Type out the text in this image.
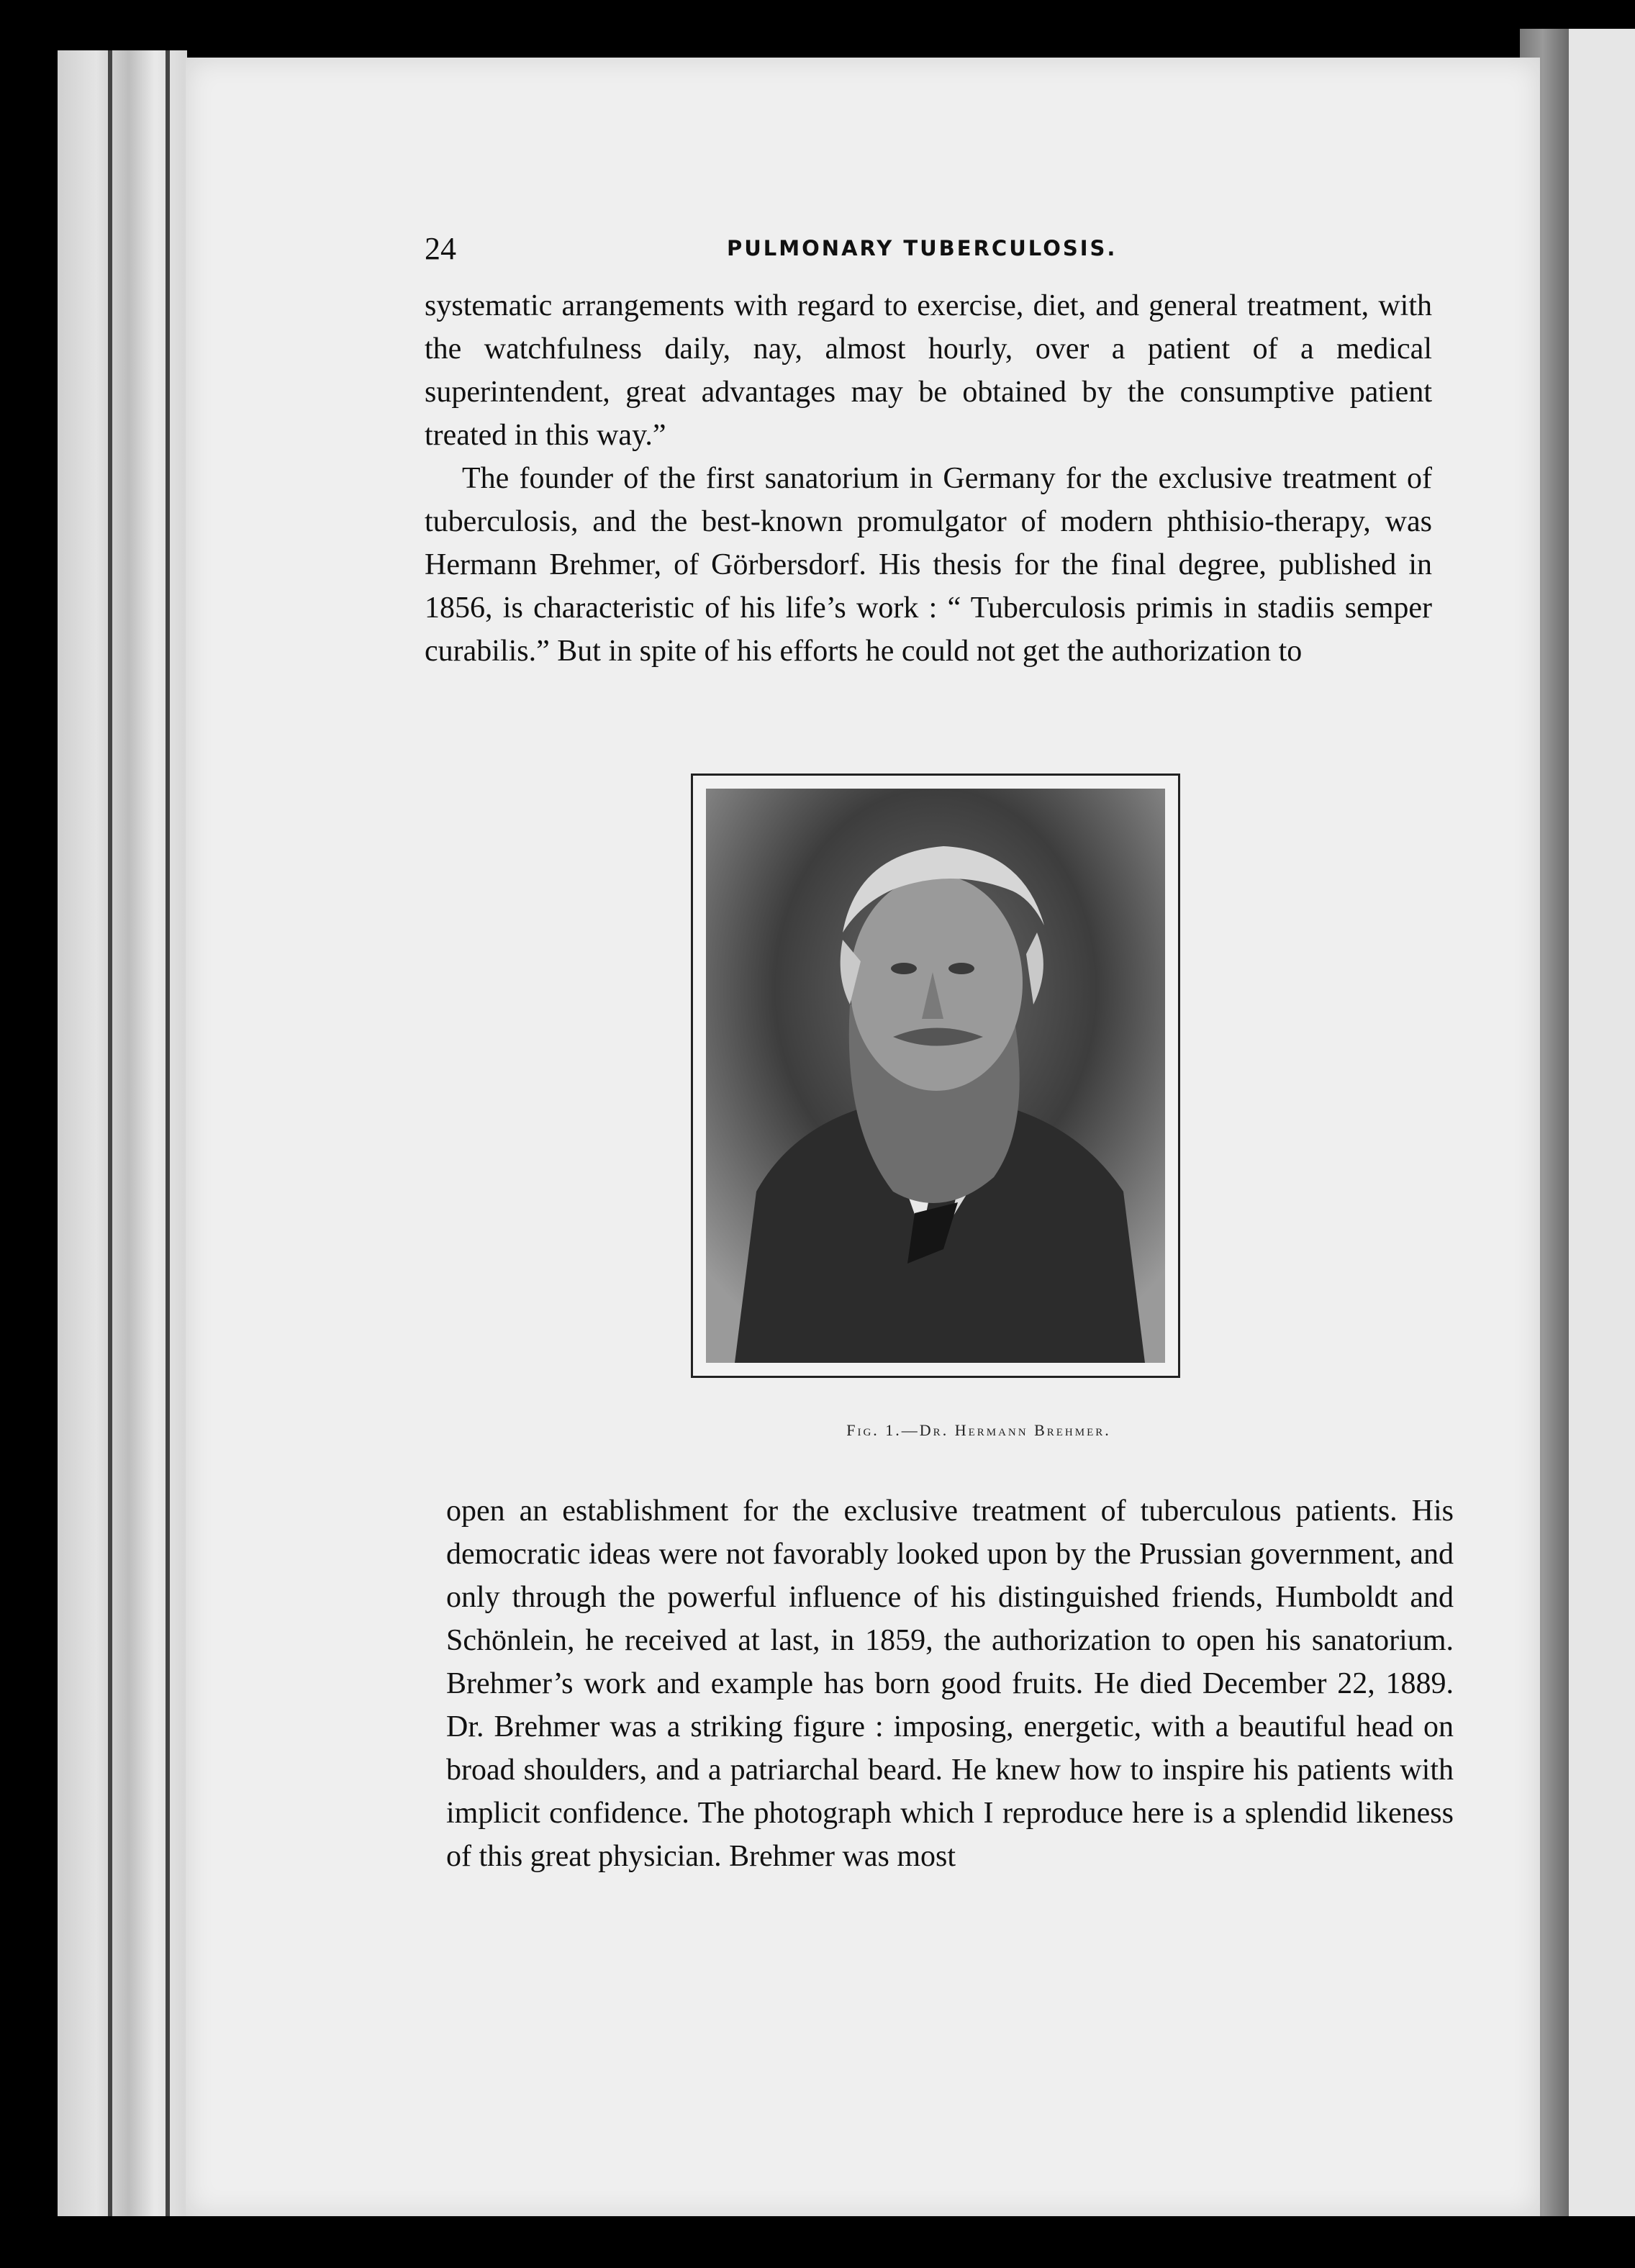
24	PULMONARY TUBERCULOSIS.

systematic arrangements with regard to exercise, diet, and general treatment, with the watchfulness daily, nay, almost hourly, over a patient of a medical superintendent, great advantages may be obtained by the consumptive patient treated in this way.”

The founder of the first sanatorium in Germany for the exclusive treatment of tuberculosis, and the best-known promulgator of modern phthisio-therapy, was Hermann Brehmer, of Görbersdorf. His thesis for the final degree, published in 1856, is characteristic of his life’s work : “ Tuberculosis primis in stadiis semper curabilis.” But in spite of his efforts he could not get the authorization to

Fig. 1.—Dr. Hermann Brehmer.

open an establishment for the exclusive treatment of tuberculous patients. His democratic ideas were not favorably looked upon by the Prussian government, and only through the powerful influence of his distinguished friends, Humboldt and Schönlein, he received at last, in 1859, the authorization to open his sanatorium. Brehmer’s work and example has born good fruits. He died December 22, 1889. Dr. Brehmer was a striking figure : imposing, energetic, with a beautiful head on broad shoulders, and a patriarchal beard. He knew how to inspire his patients with implicit confidence. The photograph which I reproduce here is a splendid likeness of this great physician. Brehmer was most
